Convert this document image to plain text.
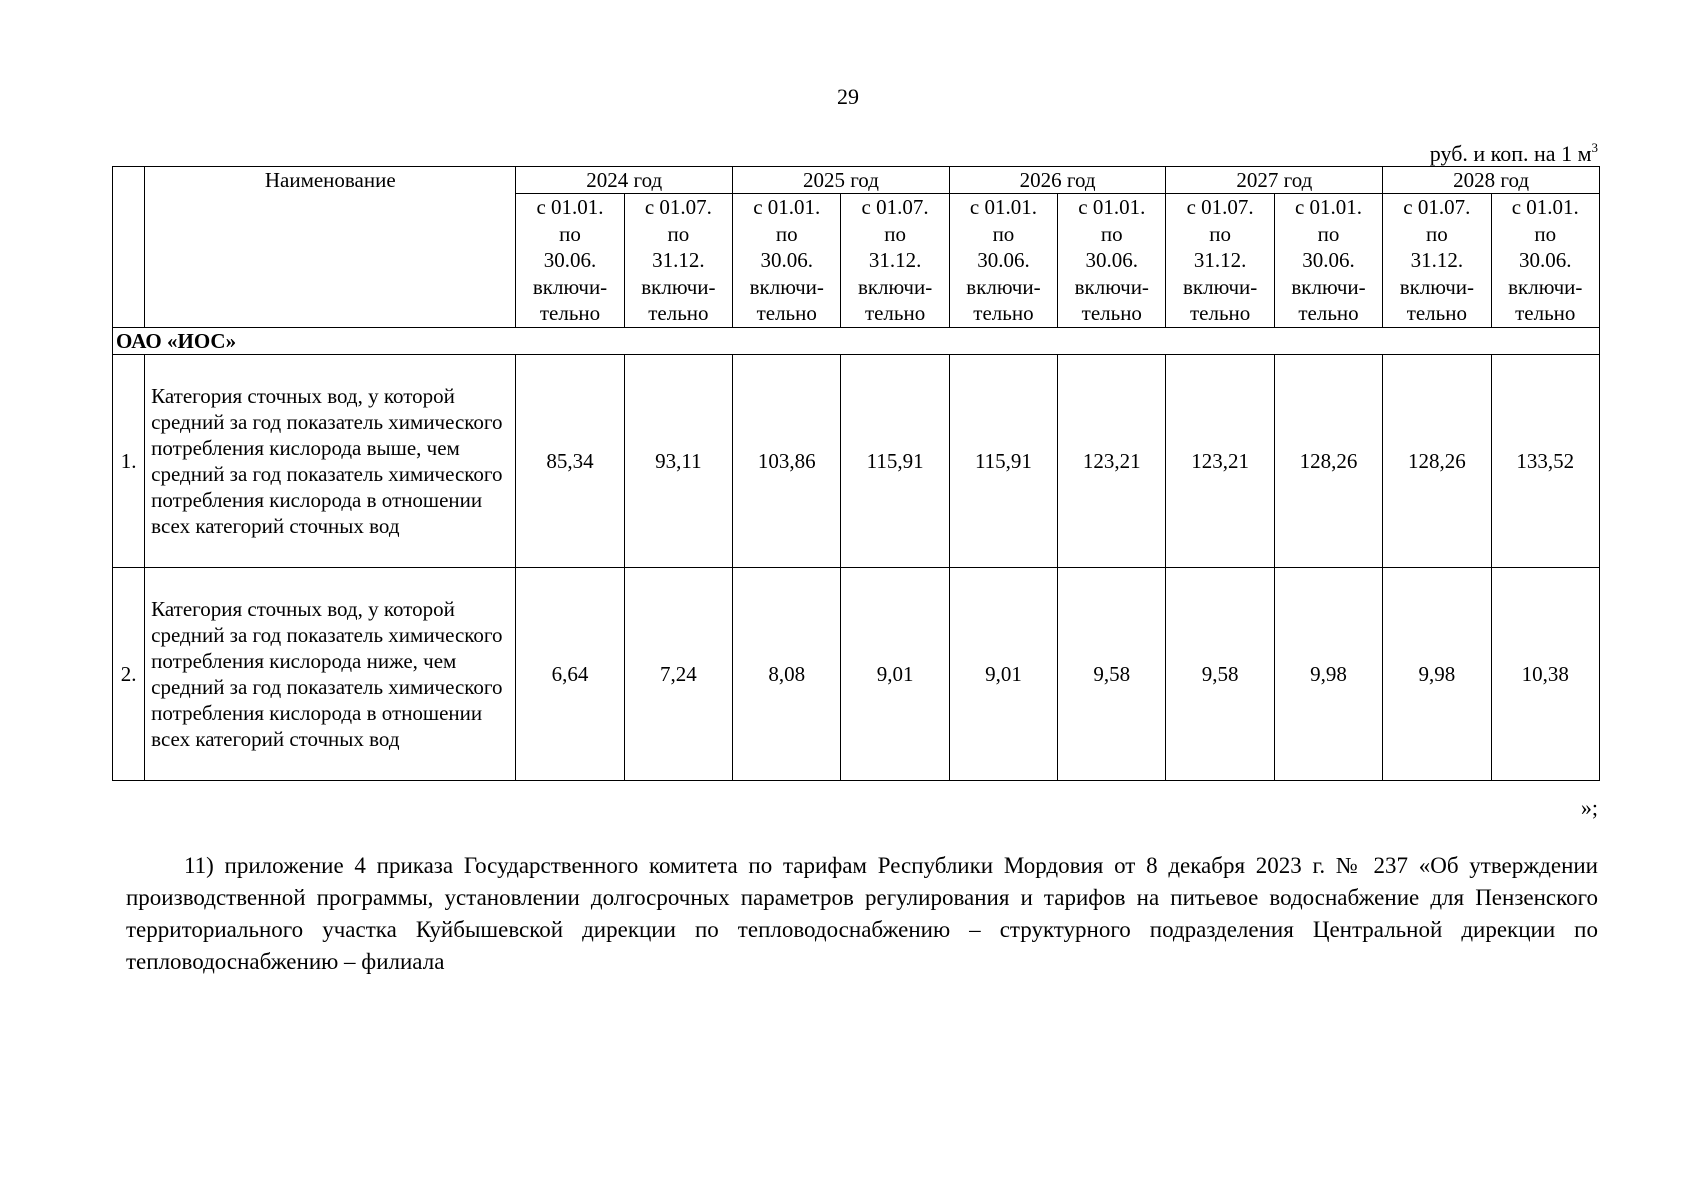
29
руб. и коп. на 1 $м^3$
	Наименование	2024 год		2025 год		2026 год		2027 год		2028 год	

		с 01.01.
по
30.06.
включи-
тельно	с 01.07.
по
31.12.
включи-
тельно	с 01.01.
по
30.06.
включи-
тельно	с 01.07.
по
31.12.
включи-
тельно	с 01.01.
по
30.06.
включи-
тельно	с 01.01.
по
30.06.
включи-
тельно	с 01.07.
по
31.12.
включи-
тельно	с 01.01.
по
30.06.
включи-
тельно	с 01.07.
по
31.12.
включи-
тельно	с 01.01.
по
30.06.
включи-
тельно

ОАО «ИОС»											
1.	Категория сточных вод, у которой средний за год показатель химического потребления кислорода выше, чем средний за год показатель химического потребления кислорода в отношении всех категорий сточных вод	85,34	93,11	103,86	115,91	115,91	123,21	123,21	128,26	128,26	133,52
2.	Категория сточных вод, у которой средний за год показатель химического потребления кислорода ниже, чем средний за год показатель химического потребления кислорода в отношении всех категорий сточных вод	6,64	7,24	8,08	9,01	9,01	9,58	9,58	9,98	9,98	10,38
»;
11) приложение 4 приказа Государственного комитета по тарифам Республики Мордовия от 8 декабря 2023 г. № 237 «Об утверждении производственной программы, установлении долгосрочных параметров регулирования и тарифов на питьевое водоснабжение для Пензенского территориального участка Куйбышевской дирекции по тепловодоснабжению – структурного подразделения Центральной дирекции по тепловодоснабжению – филиала
